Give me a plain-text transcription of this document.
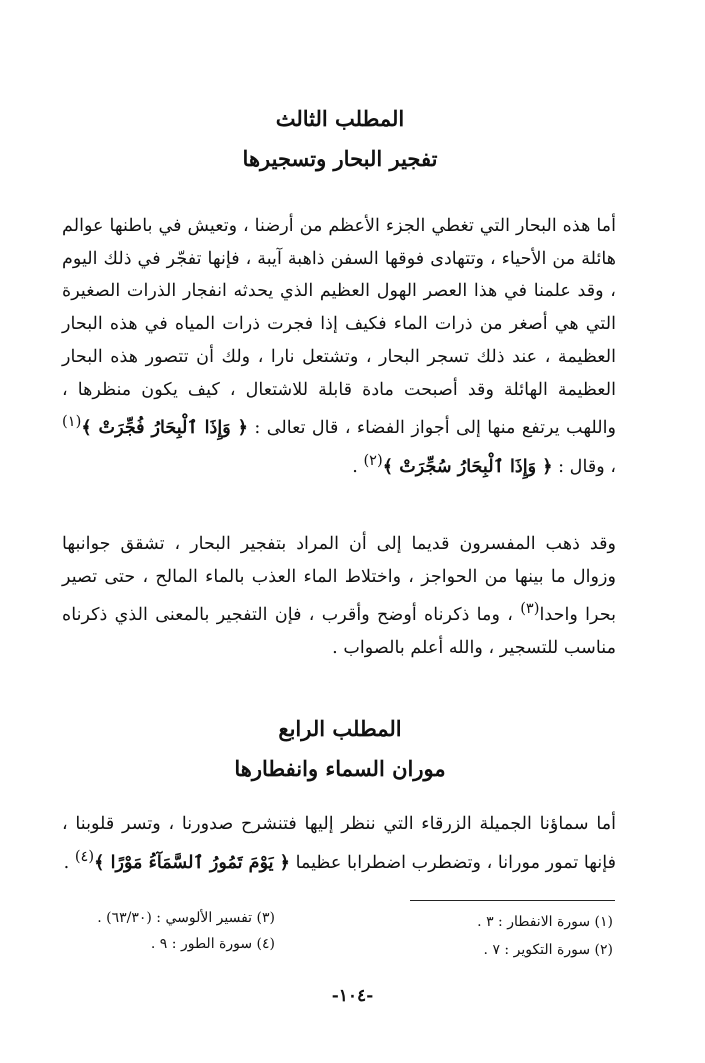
المطلب الثالث
تفجير البحار وتسجيرها

أما هذه البحار التي تغطي الجزء الأعظم من أرضنا ، وتعيش في باطنها عوالم هائلة من الأحياء ، وتتهادى فوقها السفن ذاهبة آيبة ، فإنها تفجّر في ذلك اليوم ، وقد علمنا في هذا العصر الهول العظيم الذي يحدثه انفجار الذرات الصغيرة التي هي أصغر من ذرات الماء فكيف إذا فجرت ذرات المياه في هذه البحار العظيمة ، عند ذلك تسجر البحار ، وتشتعل نارا ، ولك أن تتصور هذه البحار العظيمة الهائلة وقد أصبحت مادة قابلة للاشتعال ، كيف يكون منظرها ، واللهب يرتفع منها إلى أجواز الفضاء ، قال تعالى : ﴿ وَإِذَا ٱلْبِحَارُ فُجِّرَتْ ﴾$^{(١)}$ ، وقال : ﴿ وَإِذَا ٱلْبِحَارُ سُجِّرَتْ ﴾$^{(٢)}$ .

وقد ذهب المفسرون قديما إلى أن المراد بتفجير البحار ، تشقق جوانبها وزوال ما بينها من الحواجز ، واختلاط الماء العذب بالماء المالح ، حتى تصير بحرا واحدا$^{(٣)}$ ، وما ذكرناه أوضح وأقرب ، فإن التفجير بالمعنى الذي ذكرناه مناسب للتسجير ، والله أعلم بالصواب .

المطلب الرابع
موران السماء وانفطارها

أما سماؤنا الجميلة الزرقاء التي ننظر إليها فتنشرح صدورنا ، وتسر قلوبنا ، فإنها تمور مورانا ، وتضطرب اضطرابا عظيما ﴿ يَوْمَ تَمُورُ ٱلسَّمَآءُ مَوْرًا ﴾$^{(٤)}$ .

(١) سورة الانفطار : ٣ .
(٢) سورة التكوير : ٧ .
(٣) تفسير الألوسي : (٦٣/٣٠) .
(٤) سورة الطور : ٩ .
-١٠٤-
